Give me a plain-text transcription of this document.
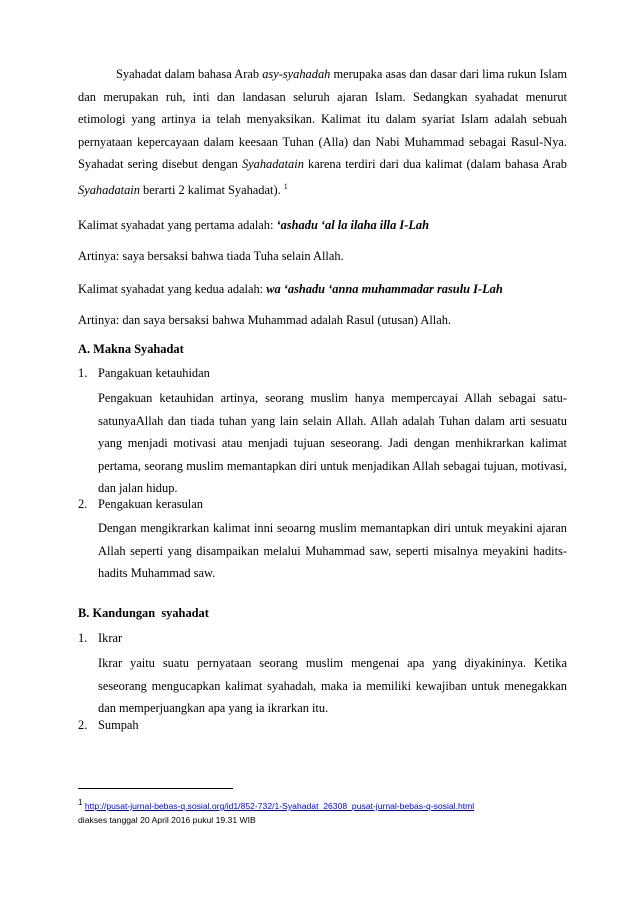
Syahadat dalam bahasa Arab asy-syahadah merupaka asas dan dasar dari lima rukun Islam dan merupakan ruh, inti dan landasan seluruh ajaran Islam. Sedangkan syahadat menurut etimologi yang artinya ia telah menyaksikan. Kalimat itu dalam syariat Islam adalah sebuah pernyataan kepercayaan dalam keesaan Tuhan (Alla) dan Nabi Muhammad sebagai Rasul-Nya. Syahadat sering disebut dengan Syahadatain karena terdiri dari dua kalimat (dalam bahasa Arab Syahadatain berarti 2 kalimat Syahadat). $^1$

Kalimat syahadat yang pertama adalah: ‘ashadu ‘al la ilaha illa I-Lah
Artinya: saya bersaksi bahwa tiada Tuha selain Allah.
Kalimat syahadat yang kedua adalah: wa ‘ashadu ‘anna muhammadar rasulu I-Lah
Artinya: dan saya bersaksi bahwa Muhammad adalah Rasul (utusan) Allah.
A. Makna Syahadat
1. Pangakuan ketauhidan

Pengakuan ketauhidan artinya, seorang muslim hanya mempercayai Allah sebagai satu-satunyaAllah dan tiada tuhan yang lain selain Allah. Allah adalah Tuhan dalam arti sesuatu yang menjadi motivasi atau menjadi tujuan seseorang. Jadi dengan menhikrarkan kalimat pertama, seorang muslim memantapkan diri untuk menjadikan Allah sebagai tujuan, motivasi, dan jalan hidup.

2. Pengakuan kerasulan

Dengan mengikrarkan kalimat inni seoarng muslim memantapkan diri untuk meyakini ajaran Allah seperti yang disampaikan melalui Muhammad saw, seperti misalnya meyakini hadits-hadits Muhammad saw.

B. Kandungan  syahadat
1. Ikrar

Ikrar yaitu suatu pernyataan seorang muslim mengenai apa yang diyakininya. Ketika seseorang mengucapkan kalimat syahadah, maka ia memiliki kewajiban untuk menegakkan dan memperjuangkan apa yang ia ikrarkan itu.

2. Sumpah
$^1$ http://pusat-jurnal-bebas-q.sosial.org/id1/852-732/1-Syahadat_26308_pusat-jurnal-bebas-q-sosial.html
diakses tanggal 20 April 2016 pukul 19.31 WIB
